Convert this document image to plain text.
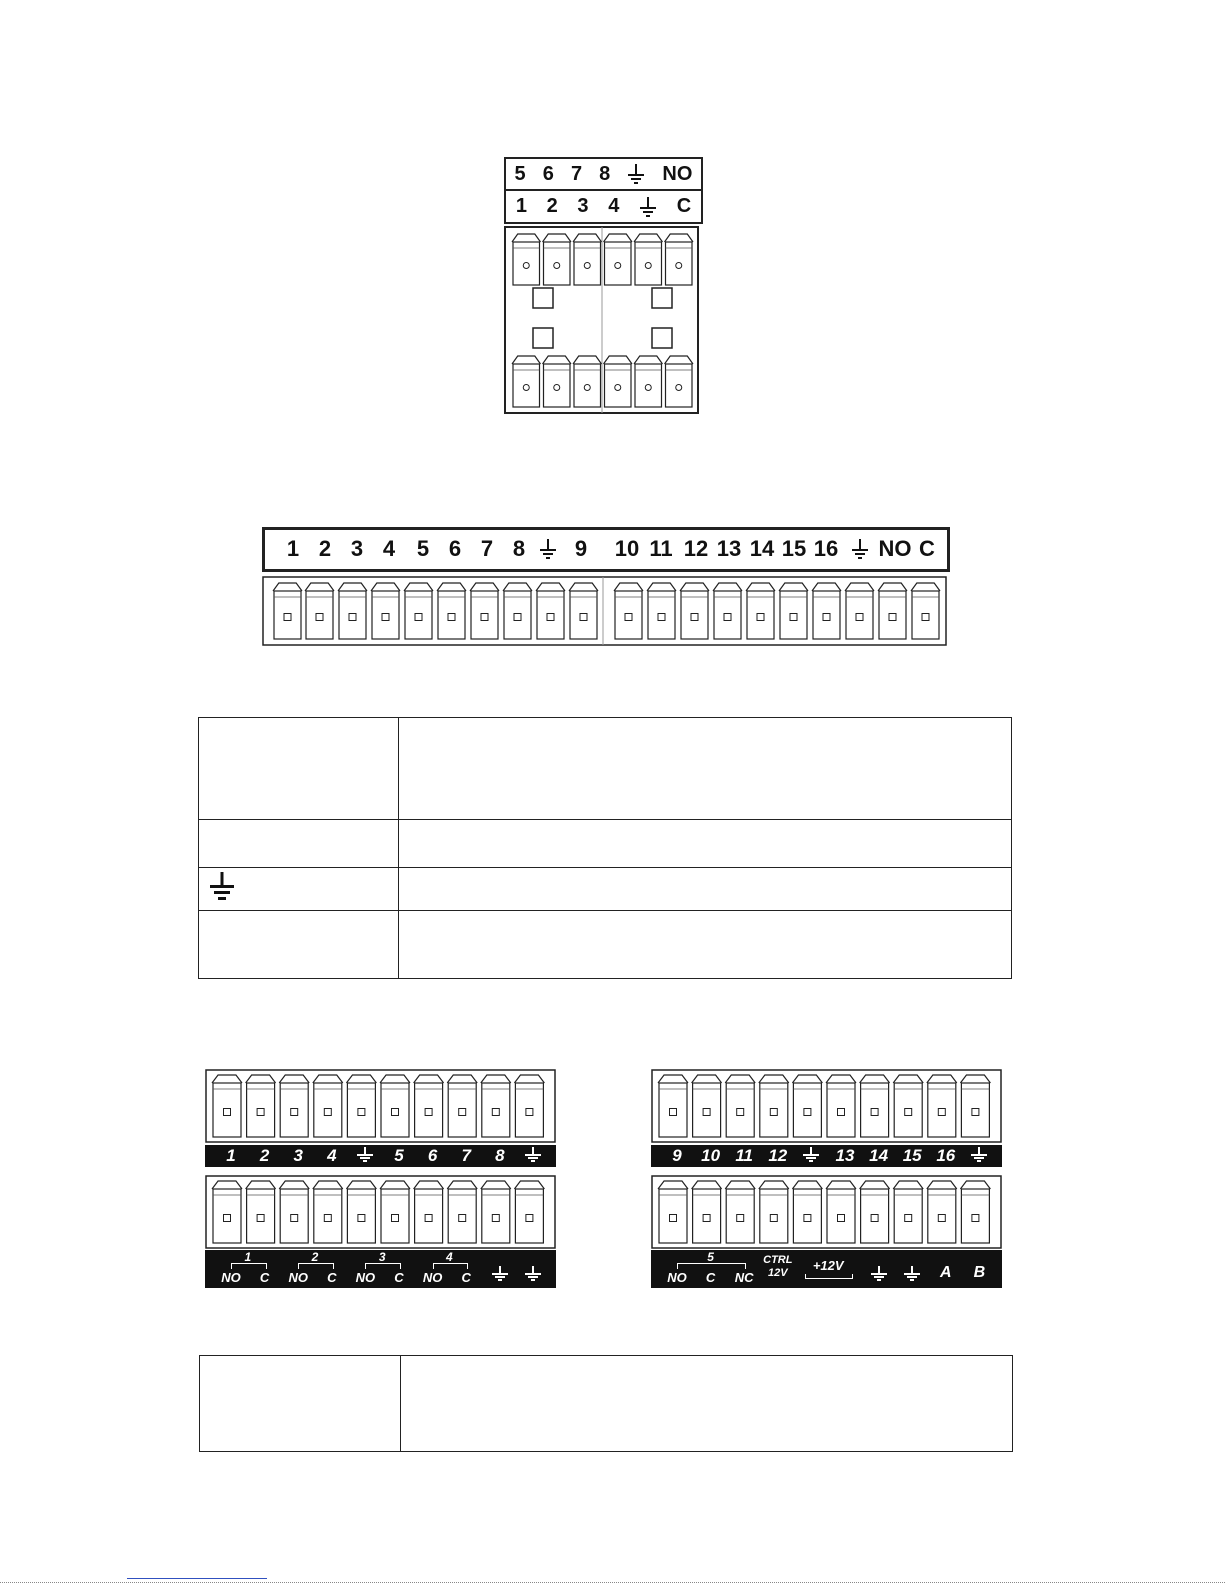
5 6 7 8	NO
1 2 3 4	C
1 2 3 4 5 6 7 8 9 10 11 12 13 14 15 16 NO C

1 2 3 4	5 6 7 8
1
NO C
2
NO C
3
NO C
4
NO C
9 10 11 12	13 14 15 16
5
NO C NC
CTRL
12V +12V	A B
